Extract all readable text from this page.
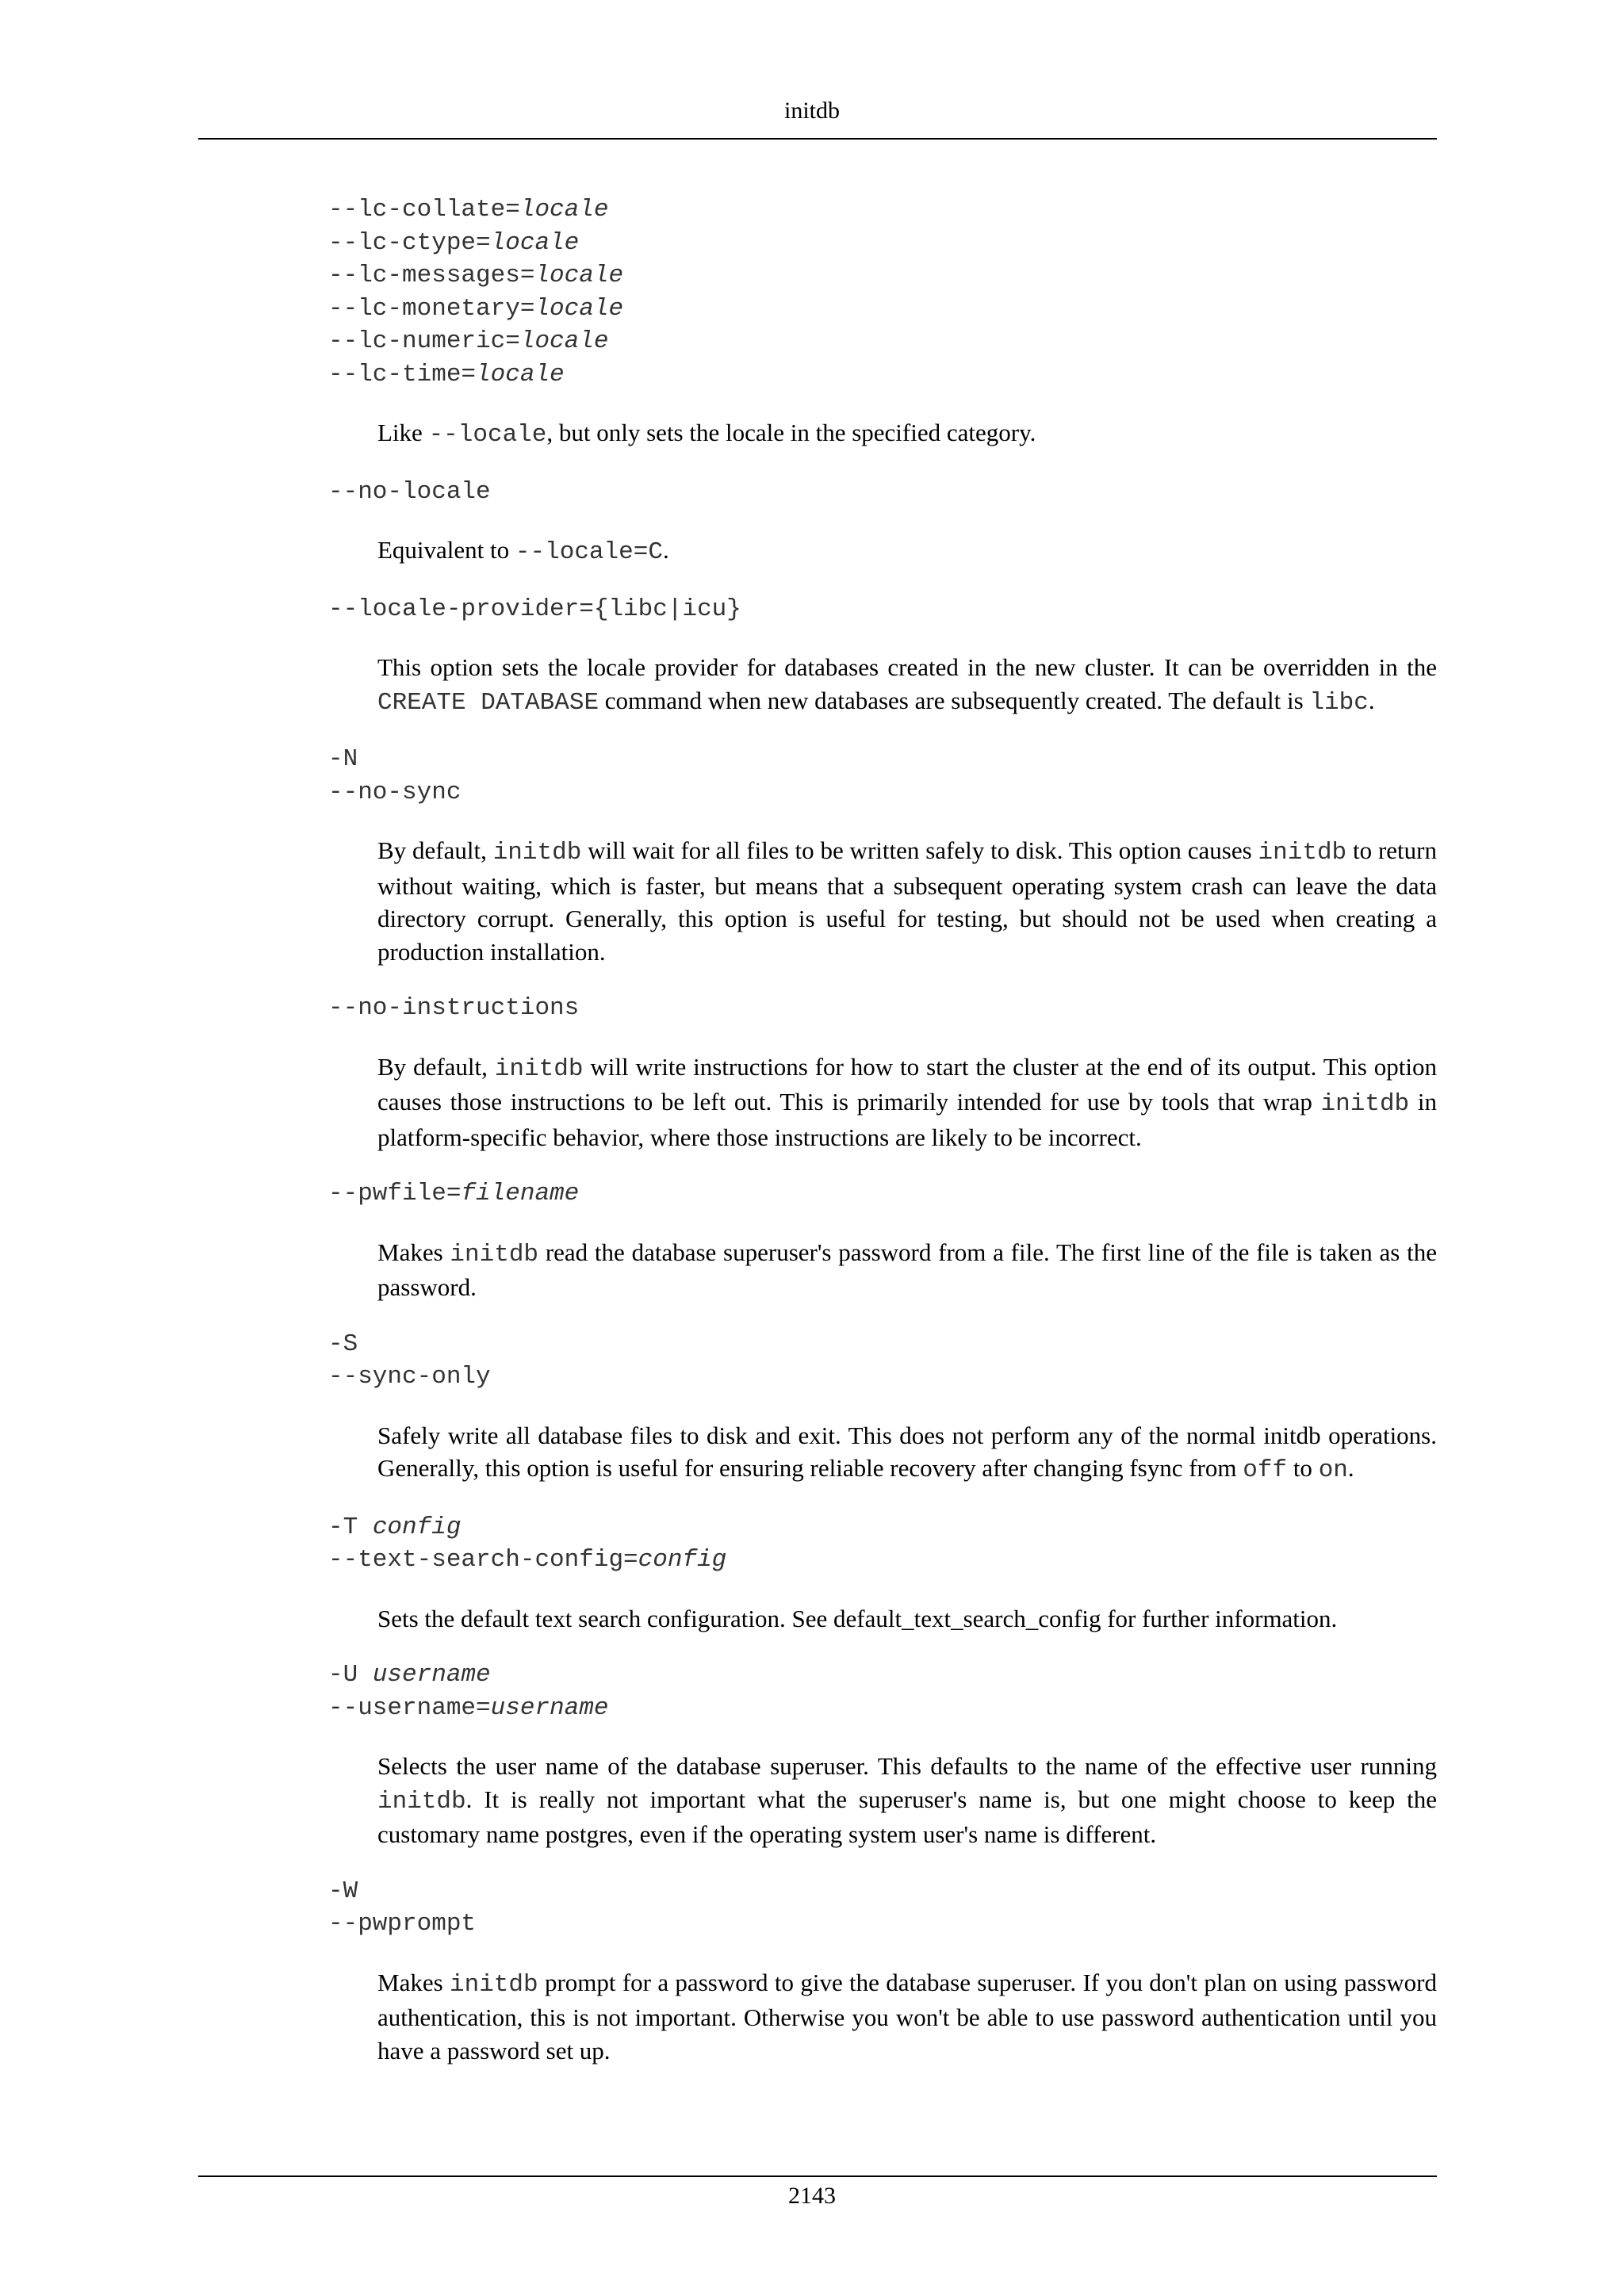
initdb
--lc-collate=locale
--lc-ctype=locale
--lc-messages=locale
--lc-monetary=locale
--lc-numeric=locale
--lc-time=locale
Like --locale, but only sets the locale in the specified category.
--no-locale
Equivalent to --locale=C.
--locale-provider={libc|icu}
This option sets the locale provider for databases created in the new cluster. It can be overridden in the CREATE DATABASE command when new databases are subsequently created. The default is libc.
-N
--no-sync
By default, initdb will wait for all files to be written safely to disk. This option causes initdb to return without waiting, which is faster, but means that a subsequent operating system crash can leave the data directory corrupt. Generally, this option is useful for testing, but should not be used when creating a production installation.
--no-instructions
By default, initdb will write instructions for how to start the cluster at the end of its output. This option causes those instructions to be left out. This is primarily intended for use by tools that wrap initdb in platform-specific behavior, where those instructions are likely to be incorrect.
--pwfile=filename
Makes initdb read the database superuser's password from a file. The first line of the file is taken as the password.
-S
--sync-only
Safely write all database files to disk and exit. This does not perform any of the normal initdb operations. Generally, this option is useful for ensuring reliable recovery after changing fsync from off to on.
-T config
--text-search-config=config
Sets the default text search configuration. See default_text_search_config for further information.
-U username
--username=username
Selects the user name of the database superuser. This defaults to the name of the effective user running initdb. It is really not important what the superuser's name is, but one might choose to keep the customary name postgres, even if the operating system user's name is different.
-W
--pwprompt
Makes initdb prompt for a password to give the database superuser. If you don't plan on using password authentication, this is not important. Otherwise you won't be able to use password authentication until you have a password set up.
2143
